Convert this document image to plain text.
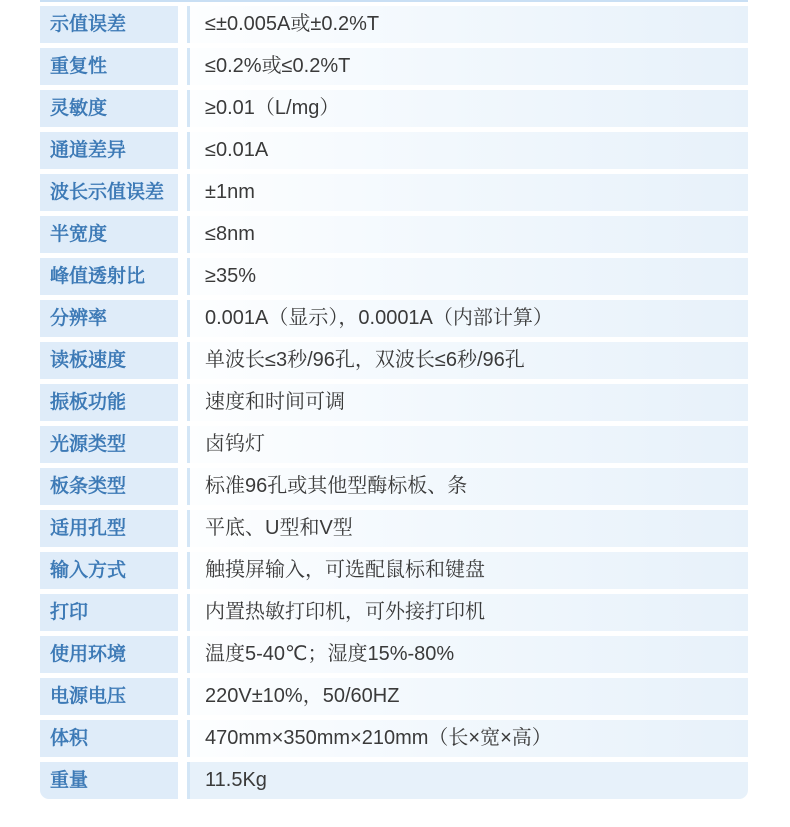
示值误差	≤±0.005A或±0.2%T
重复性	≤0.2%或≤0.2%T
灵敏度	≥0.01（L/mg）
通道差异	≤0.01A
波长示值误差	±1nm
半宽度	≤8nm
峰值透射比	≥35%
分辨率	0.001A（显示），0.0001A（内部计算）
读板速度	单波长≤3秒/96孔，双波长≤6秒/96孔
振板功能	速度和时间可调
光源类型	卤钨灯
板条类型	标准96孔或其他型酶标板、条
适用孔型	平底、U型和V型
输入方式	触摸屏输入，可选配鼠标和键盘
打印	内置热敏打印机，可外接打印机
使用环境	温度5-40℃；湿度15%-80%
电源电压	220V±10%，50/60HZ
体积	470mm×350mm×210mm（长×宽×高）
重量	11.5Kg
